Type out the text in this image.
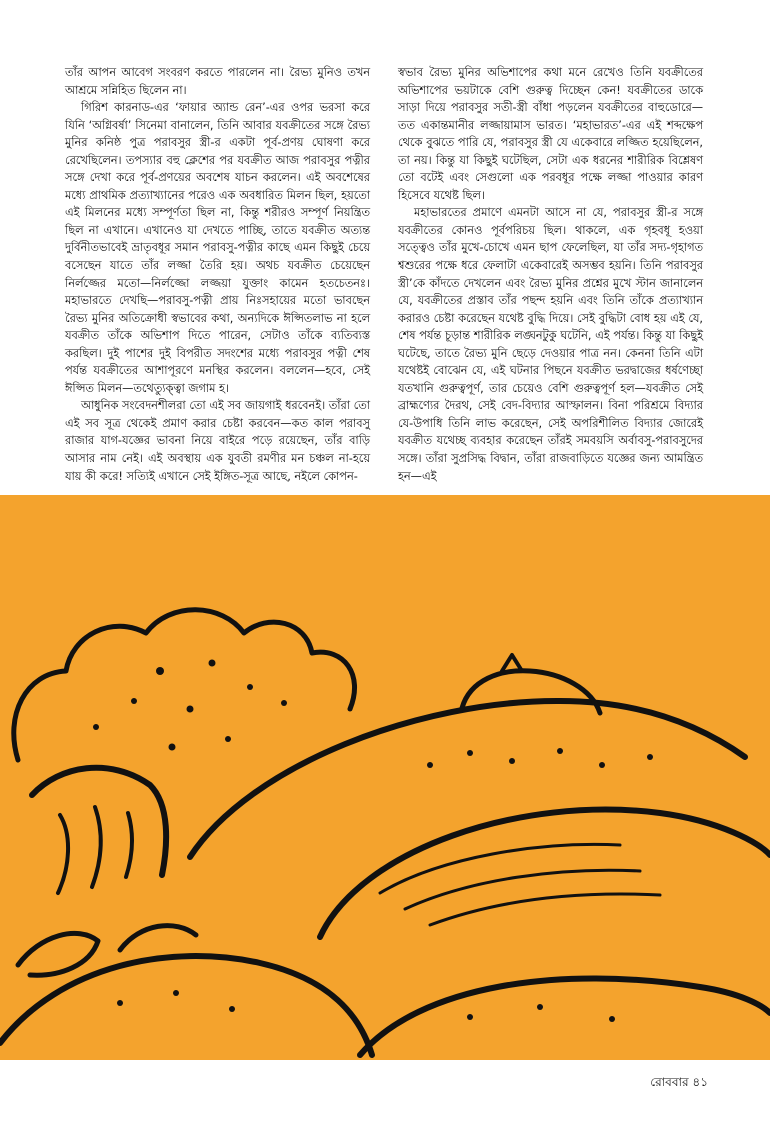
তাঁর আপন আবেগ সংবরণ করতে পারলেন না। রৈভ্য মুনিও তখন আশ্রমে সন্নিহিত ছিলেন না।

গিরিশ কারনাড-এর ‘ফায়ার অ্যান্ড রেন’-এর ওপর ভরসা করে যিনি ‘অগ্নিবর্ষা’ সিনেমা বানালেন, তিনি আবার যবক্রীতের সঙ্গে রৈভ্য মুনির কনিষ্ঠ পুত্র পরাবসুর স্ত্রী-র একটা পূর্ব-প্রণয় ঘোষণা করে রেখেছিলেন। তপস্যার বহু ক্লেশের পর যবক্রীত আজ পরাবসুর পত্নীর সঙ্গে দেখা করে পূর্ব-প্রণয়ের অবশেষ যাচন করলেন। এই অবশেষের মধ্যে প্রাথমিক প্রত্যাখ্যানের পরেও এক অবধারিত মিলন ছিল, হয়তো এই মিলনের মধ্যে সম্পূর্ণতা ছিল না, কিন্তু শরীরও সম্পূর্ণ নিয়ন্ত্রিত ছিল না এখানে। এখানেও যা দেখতে পাচ্ছি, তাতে যবক্রীত অত্যন্ত দুর্বিনীতভাবেই ভ্রাতৃবধূর সমান পরাবসু-পত্নীর কাছে এমন কিছুই চেয়ে বসেছেন যাতে তাঁর লজ্জা তৈরি হয়। অথচ যবক্রীত চেয়েছেন নির্লজ্জের মতো—নির্লজ্জো লজ্জয়া যুক্তাং কামেন হতচেতনঃ। মহাভারতে দেখছি—পরাবসু-পত্নী প্রায় নিঃসহায়ের মতো ভাবছেন রৈভ্য মুনির অতিক্রোধী স্বভাবের কথা, অন্যদিকে ঈপ্সিতলাভ না হলে যবক্রীত তাঁকে অভিশাপ দিতে পারেন, সেটাও তাঁকে ব্যতিব্যস্ত করছিল। দুই পাশের দুই বিপরীত সদংশের মধ্যে পরাবসুর পত্নী শেষ পর্যন্ত যবক্রীতের আশাপূরণে মনস্থির করলেন। বললেন—হবে, সেই ঈপ্সিত মিলন—তথেত্যুক্ত্বা জগাম হ।

আধুনিক সংবেদনশীলরা তো এই সব জায়গাই ধরবেনই। তাঁরা তো এই সব সূত্র থেকেই প্রমাণ করার চেষ্টা করবেন—কত কাল পরাবসু রাজার যাগ-যজ্ঞের ভাবনা নিয়ে বাইরে পড়ে রয়েছেন, তাঁর বাড়ি আসার নাম নেই। এই অবস্থায় এক যুবতী রমণীর মন চঞ্চল না-হয়ে যায় কী করে! সত্যিই এখানে সেই ইঙ্গিত-সূত্র আছে, নইলে কোপন-

স্বভাব রৈভ্য মুনির অভিশাপের কথা মনে রেখেও তিনি যবক্রীতের অভিশাপের ভয়টাকে বেশি গুরুত্ব দিচ্ছেন কেন! যবক্রীতের ডাকে সাড়া দিয়ে পরাবসুর সতী-স্ত্রী বাঁধা পড়লেন যবক্রীতের বাহুডোরে—তত একান্তমানীর লজ্জায়ামাস ভারত। ‘মহাভারত’-এর এই শব্দক্ষেপ থেকে বুঝতে পারি যে, পরাবসুর স্ত্রী যে একেবারে লজ্জিত হয়েছিলেন, তা নয়। কিন্তু যা কিছুই ঘটেছিল, সেটা এক ধরনের শারীরিক বিশ্লেষণ তো বটেই এবং সেগুলো এক পরবধূর পক্ষে লজ্জা পাওয়ার কারণ হিসেবে যথেষ্ট ছিল।

মহাভারতের প্রমাণে এমনটা আসে না যে, পরাবসুর স্ত্রী-র সঙ্গে যবক্রীতের কোনও পূর্বপরিচয় ছিল। থাকলে, এক গৃহবধূ হওয়া সত্ত্বেও তাঁর মুখে-চোখে এমন ছাপ ফেলেছিল, যা তাঁর সদ্য-গৃহাগত শ্বশুরের পক্ষে ধরে ফেলাটা একেবারেই অসম্ভব হয়নি। তিনি পরাবসুর স্ত্রী’কে কাঁদতে দেখলেন এবং রৈভ্য মুনির প্রশ্নের মুখে স্টান জানালেন যে, যবক্রীতের প্রস্তাব তাঁর পছন্দ হয়নি এবং তিনি তাঁকে প্রত্যাখ্যান করারও চেষ্টা করেছেন যথেষ্ট বুদ্ধি দিয়ে। সেই বুদ্ধিটা বোধ হয় এই যে, শেষ পর্যন্ত চূড়ান্ত শারীরিক লঙ্ঘনটুকু ঘটেনি, এই পর্যন্ত। কিন্তু যা কিছুই ঘটেছে, তাতে রৈভ্য মুনি ছেড়ে দেওয়ার পাত্র নন। কেননা তিনি এটা যথেষ্টই বোঝেন যে, এই ঘটনার পিছনে যবক্রীত ভরদ্বাজের ধর্ষণেচ্ছা যতখানি গুরুত্বপূর্ণ, তার চেয়েও বেশি গুরুত্বপূর্ণ হল—যবক্রীত সেই ব্রাহ্মণ্যের দৈরথ, সেই বেদ-বিদ্যার আস্ফালন। বিনা পরিশ্রমে বিদ্যার যে-উপাধি তিনি লাভ করেছেন, সেই অপরিশীলিত বিদ্যার জোরেই যবক্রীত যথেচ্ছ ব্যবহার করেছেন তাঁরই সমবয়সি অর্বাবসু-পরাবসুদের সঙ্গে। তাঁরা সুপ্রসিদ্ধ বিদ্বান, তাঁরা রাজবাড়িতে যজ্ঞের জন্য আমন্ত্রিত হন—এই

রোববার ৪১
